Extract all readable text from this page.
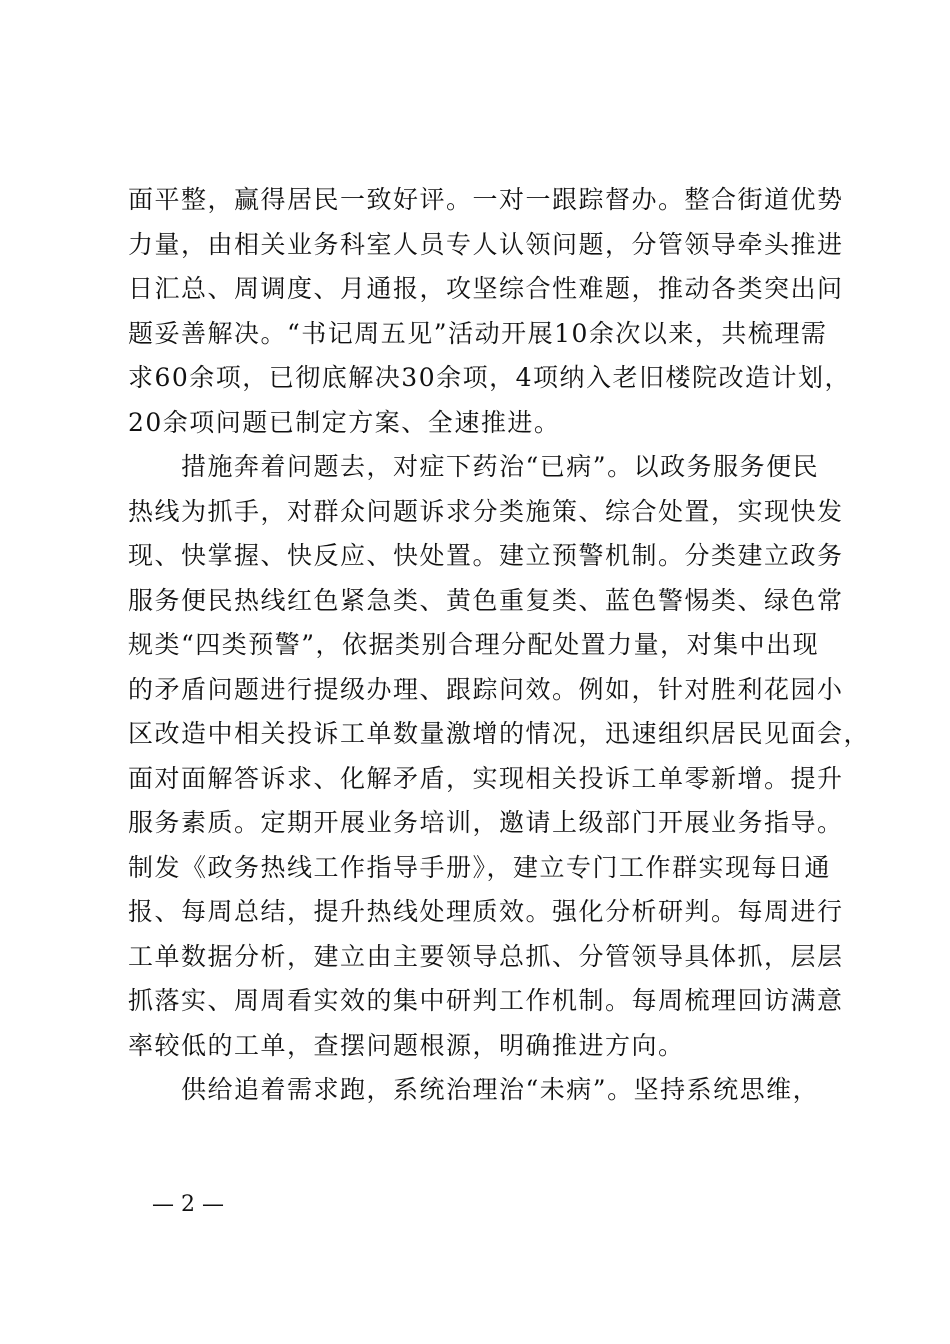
面平整，赢得居民一致好评。一对一跟踪督办。整合街道优势
力量，由相关业务科室人员专人认领问题，分管领导牵头推进
日汇总、周调度、月通报，攻坚综合性难题，推动各类突出问
题妥善解决。“书记周五见”活动开展10余次以来，共梳理需
求60余项，已彻底解决30余项，4项纳入老旧楼院改造计划，
20余项问题已制定方案、全速推进。
　　措施奔着问题去，对症下药治“已病”。以政务服务便民
热线为抓手，对群众问题诉求分类施策、综合处置，实现快发
现、快掌握、快反应、快处置。建立预警机制。分类建立政务
服务便民热线红色紧急类、黄色重复类、蓝色警惕类、绿色常
规类“四类预警”，依据类别合理分配处置力量，对集中出现
的矛盾问题进行提级办理、跟踪问效。例如，针对胜利花园小
区改造中相关投诉工单数量激增的情况，迅速组织居民见面会，
面对面解答诉求、化解矛盾，实现相关投诉工单零新增。提升
服务素质。定期开展业务培训，邀请上级部门开展业务指导。
制发《政务热线工作指导手册》，建立专门工作群实现每日通
报、每周总结，提升热线处理质效。强化分析研判。每周进行
工单数据分析，建立由主要领导总抓、分管领导具体抓，层层
抓落实、周周看实效的集中研判工作机制。每周梳理回访满意
率较低的工单，查摆问题根源，明确推进方向。
　　供给追着需求跑，系统治理治“未病”。坚持系统思维，
— 2 —
